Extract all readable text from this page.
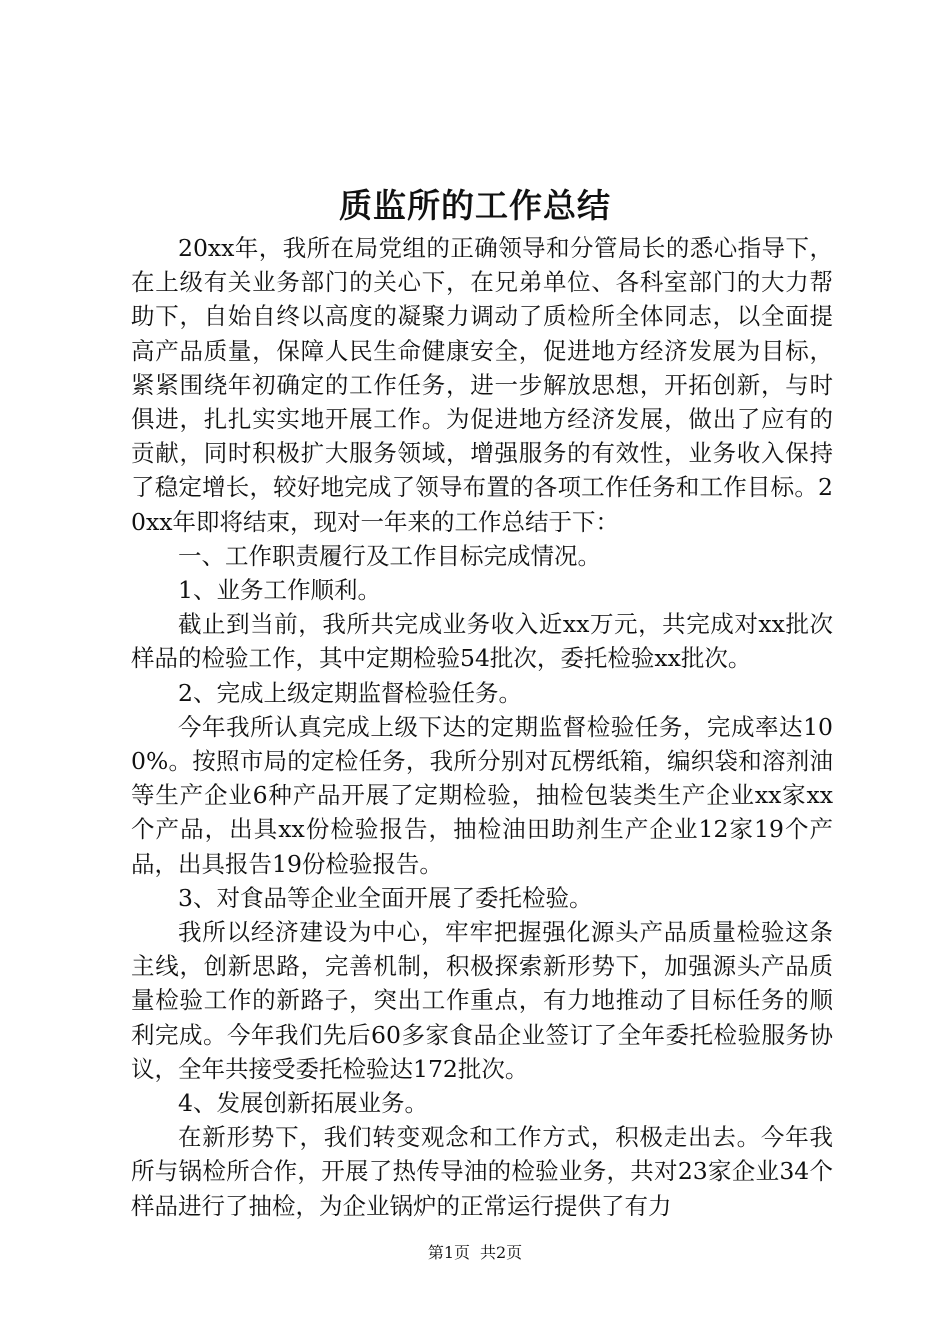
质监所的工作总结

20xx年，我所在局党组的正确领导和分管局长的悉心指导下，在上级有关业务部门的关心下，在兄弟单位、各科室部门的大力帮助下，自始自终以高度的凝聚力调动了质检所全体同志，以全面提高产品质量，保障人民生命健康安全，促进地方经济发展为目标，紧紧围绕年初确定的工作任务，进一步解放思想，开拓创新，与时俱进，扎扎实实地开展工作。为促进地方经济发展，做出了应有的贡献，同时积极扩大服务领域，增强服务的有效性，业务收入保持了稳定增长，较好地完成了领导布置的各项工作任务和工作目标。20xx年即将结束，现对一年来的工作总结于下：

一、工作职责履行及工作目标完成情况。

1、业务工作顺利。

截止到当前，我所共完成业务收入近xx万元，共完成对xx批次样品的检验工作，其中定期检验54批次，委托检验xx批次。

2、完成上级定期监督检验任务。

今年我所认真完成上级下达的定期监督检验任务，完成率达100%。按照市局的定检任务，我所分别对瓦楞纸箱，编织袋和溶剂油等生产企业6种产品开展了定期检验，抽检包装类生产企业xx家xx个产品，出具xx份检验报告，抽检油田助剂生产企业12家19个产品，出具报告19份检验报告。

3、对食品等企业全面开展了委托检验。

我所以经济建设为中心，牢牢把握强化源头产品质量检验这条主线，创新思路，完善机制，积极探索新形势下，加强源头产品质量检验工作的新路子，突出工作重点，有力地推动了目标任务的顺利完成。今年我们先后60多家食品企业签订了全年委托检验服务协议，全年共接受委托检验达172批次。

4、发展创新拓展业务。

在新形势下，我们转变观念和工作方式，积极走出去。今年我所与锅检所合作，开展了热传导油的检验业务，共对23家企业34个样品进行了抽检，为企业锅炉的正常运行提供了有力

第1页 共2页
